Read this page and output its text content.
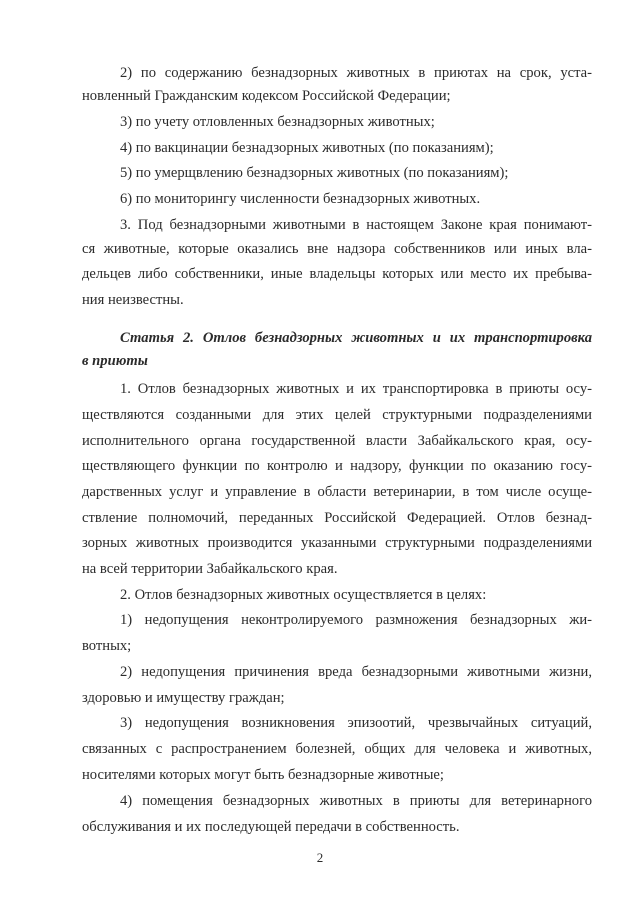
2) по содержанию безнадзорных животных в приютах на срок, уста-

новленный Гражданским кодексом Российской Федерации;

3) по учету отловленных безнадзорных животных;

4) по вакцинации безнадзорных животных (по показаниям);

5) по умерщвлению безнадзорных животных (по показаниям);

6) по мониторингу численности безнадзорных животных.

3. Под безнадзорными животными в настоящем Законе края понимают-

ся животные, которые оказались вне надзора собственников или иных вла-

дельцев либо собственники, иные владельцы которых или место их пребыва-

ния неизвестны.

Статья 2. Отлов безнадзорных животных и их транспортировка

в приюты

1. Отлов безнадзорных животных и их транспортировка в приюты осу-

ществляются созданными для этих целей структурными подразделениями

исполнительного органа государственной власти Забайкальского края, осу-

ществляющего функции по контролю и надзору, функции по оказанию госу-

дарственных услуг и управление в области ветеринарии, в том числе осуще-

ствление полномочий, переданных Российской Федерацией. Отлов безнад-

зорных животных производится указанными структурными подразделениями

на всей территории Забайкальского края.

2. Отлов безнадзорных животных осуществляется в целях:

1) недопущения неконтролируемого размножения безнадзорных жи-

вотных;

2) недопущения причинения вреда безнадзорными животными жизни,

здоровью и имуществу граждан;

3) недопущения возникновения эпизоотий, чрезвычайных ситуаций,

связанных с распространением болезней, общих для человека и животных,

носителями которых могут быть безнадзорные животные;

4) помещения безнадзорных животных в приюты для ветеринарного

обслуживания и их последующей передачи в собственность.

2
